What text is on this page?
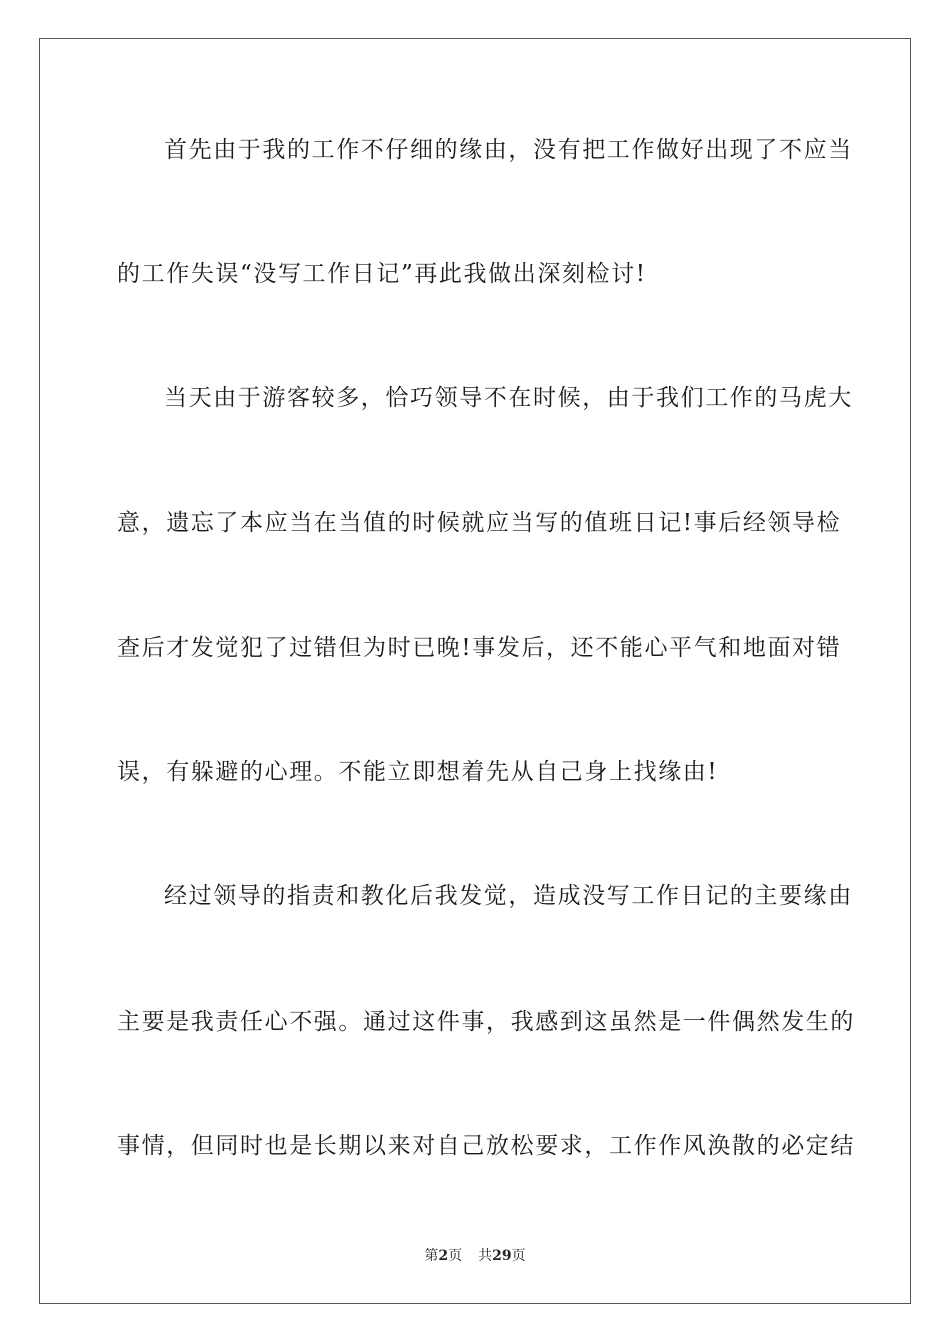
首先由于我的工作不仔细的缘由，没有把工作做好出现了不应当
的工作失误“没写工作日记”再此我做出深刻检讨!
当天由于游客较多，恰巧领导不在时候，由于我们工作的马虎大
意，遗忘了本应当在当值的时候就应当写的值班日记!事后经领导检
查后才发觉犯了过错但为时已晚!事发后，还不能心平气和地面对错
误，有躲避的心理。不能立即想着先从自己身上找缘由!
经过领导的指责和教化后我发觉，造成没写工作日记的主要缘由
主要是我责任心不强。通过这件事，我感到这虽然是一件偶然发生的
事情，但同时也是长期以来对自己放松要求，工作作风涣散的必定结
第2页 共29页
